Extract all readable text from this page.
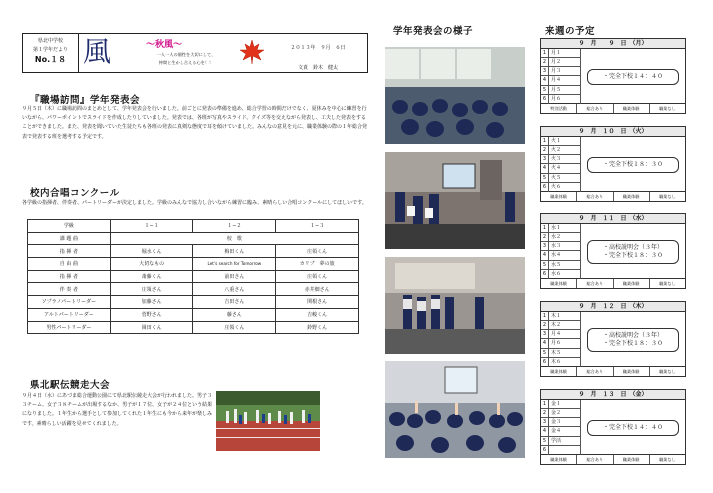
県北中学校
第１学年だより
No.１８ 風	〜秋風〜
一人一人の個性を大切にして、
仲間と生かし合える心を！！
２０１３年　９月　６日
文責　鈴木　健太
『職場訪問』学年発表会
９月５日（木）に職場訪問のまとめとして、学年発表会を行いました。前ごとに発表の準備を進め、総合学習の時間だけでなく、夏休みを中心に練習を行いながら、パワーポイントでスライドを作成したりしていました。発表では、各班が写真やスライド、クイズ等を交えながら発表し、工夫した発表をすることができました。また、発表を聞いていた生徒たちも各班の発表に真剣な態度で耳を傾けていました。みんなの意見を元に、職業体験の際の１年総合発表で発表する班を選考する予定です。
校内合唱コンクール
各学級の指揮者、伴奏者、パートリーダーが決定しました。学級のみんなで協力し合いながら練習に臨み、素晴らしい合唱コンクールにしてほしいです。
学級	１−１	１−２	１−３
課 題 曲	校　歌		
指 揮 者	堀水くん	梅田くん	庄領くん
自 由 曲	大切なもの	Let's search for Tomorrow	カリブ　夢の旅
指 揮 者	斎藤くん	前田さん	庄領くん
伴 奏 者	庄領さん	八重さん	赤井畑さん
ソプラノパートリーダー	加藤さん	吉田さん	関根さん
アルトパートリーダー	菅野さん	藤さん	吉峻くん
男性パートリーダー	岡田くん	庄領くん	鈴野くん
県北駅伝競走大会
９月４日（水）にあづま総合運動公園にて県北駅伝競走大会が行われました。男子３３チーム、女子３８チームが出場するなか、男子が１７位、女子が２４位という結果になりました。１年生から選手として参加してくれた１年生にも今から来年が楽しみです。素晴らしい活躍を見せてくれました。
学年発表会の様子	来週の予定
９　月　　９　日　（月）
1 月１
2 月２
3 月３
4 月４
5 月５
6 月６
・完全下校１４：４０
特別活動	総合あり	職業体験	職業なし
９　月　１０　日　（火）
1 火１
2 火２
3 火３
4 火４
5 火５
6 火６
・完全下校１８：３０
職業体験	総合あり	職業体験	職業なし
９　月　１１　日　（水）
1 水１
2 水２
3 水３
4 水４
5 水５
6 水６
・高校説明会（３年）
・完全下校１８：３０
職業体験	総合あり	職業体験	職業なし
９　月　１２　日　（木）
1 木１
2 木２
3 月４
4 月６
5 木５
6 木６
・高校説明会（３年）
・完全下校１８：３０
職業体験	総合あり	職業体験	職業なし
９　月　１３　日　（金）
1 金１
2 金２
3 金３
4 金４
5 学活
6
・完全下校１４：４０
職業体験	総合あり	職業体験	職業なし
